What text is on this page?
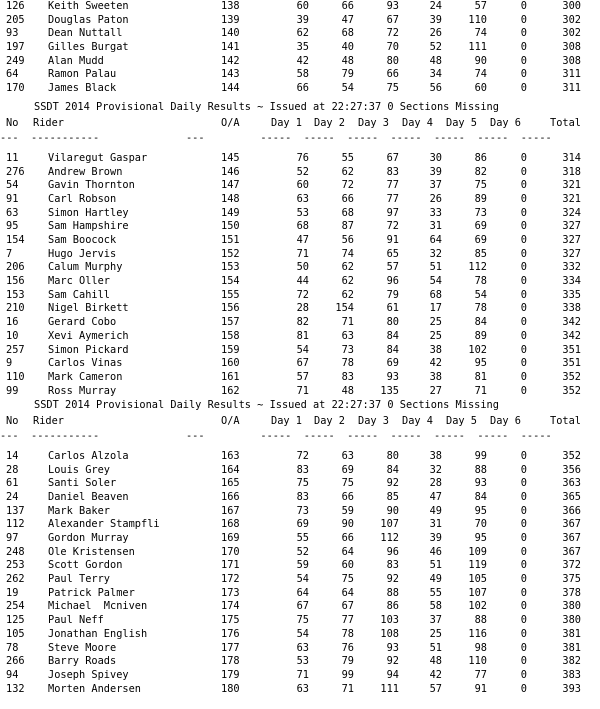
126 Keith Sweeten	138	60	66	93	24	57	0	300
205 Douglas Paton	139	39	47	67	39	110	0	302
93	Dean Nuttall	140	62	68	72	26	74	0	302
197 Gilles Burgat	141	35	40	70	52	111	0	308
249 Alan Mudd	142	42	48	80	48	90	0	308
64	Ramon Palau	143	58	79	66	34	74	0	311
170 James Black	144	66	54	75	56	60	0	311
SSDT 2014 Provisional Daily Results ~ Issued at 22:27:37 0 Sections Missing
No Rider	O/A	Day 1 Day 2 Day 3 Day 4 Day 5 Day 6	Total
---  -----------              ---         -----  -----  -----  -----  -----  -----  -----
11	Vilaregut Gaspar	145	76	55	67	30	86	0	314
276 Andrew Brown	146	52	62	83	39	82	0	318
54	Gavin Thornton	147	60	72	77	37	75	0	321
91	Carl Robson	148	63	66	77	26	89	0	321
63	Simon Hartley	149	53	68	97	33	73	0	324
95	Sam Hampshire	150	68	87	72	31	69	0	327
154 Sam Boocock	151	47	56	91	64	69	0	327
7	Hugo Jervis	152	71	74	65	32	85	0	327
206 Calum Murphy	153	50	62	57	51	112	0	332
156 Marc Oller	154	44	62	96	54	78	0	334
153 Sam Cahill	155	72	62	79	68	54	0	335
210 Nigel Birkett	156	28	154	61	17	78	0	338
16	Gerard Cobo	157	82	71	80	25	84	0	342
10	Xevi Aymerich	158	81	63	84	25	89	0	342
257 Simon Pickard	159	54	73	84	38	102	0	351
9	Carlos Vinas	160	67	78	69	42	95	0	351
110 Mark Cameron	161	57	83	93	38	81	0	352
99	Ross Murray	162	71	48	135	27	71	0	352
SSDT 2014 Provisional Daily Results ~ Issued at 22:27:37 0 Sections Missing
No Rider	O/A	Day 1 Day 2 Day 3 Day 4 Day 5 Day 6	Total
---  -----------              ---         -----  -----  -----  -----  -----  -----  -----
14	Carlos Alzola	163	72	63	80	38	99	0	352
28	Louis Grey	164	83	69	84	32	88	0	356
61	Santi Soler	165	75	75	92	28	93	0	363
24	Daniel Beaven	166	83	66	85	47	84	0	365
137 Mark Baker	167	73	59	90	49	95	0	366
112 Alexander Stampfli	168	69	90	107	31	70	0	367
97	Gordon Murray	169	55	66	112	39	95	0	367
248 Ole Kristensen	170	52	64	96	46	109	0	367
253 Scott Gordon	171	59	60	83	51	119	0	372
262 Paul Terry	172	54	75	92	49	105	0	375
19	Patrick Palmer	173	64	64	88	55	107	0	378
254 Michael  Mcniven	174	67	67	86	58	102	0	380
125 Paul Neff	175	75	77	103	37	88	0	380
105 Jonathan English	176	54	78	108	25	116	0	381
78	Steve Moore	177	63	76	93	51	98	0	381
266 Barry Roads	178	53	79	92	48	110	0	382
94	Joseph Spivey	179	71	99	94	42	77	0	383
132 Morten Andersen	180	63	71	111	57	91	0	393
